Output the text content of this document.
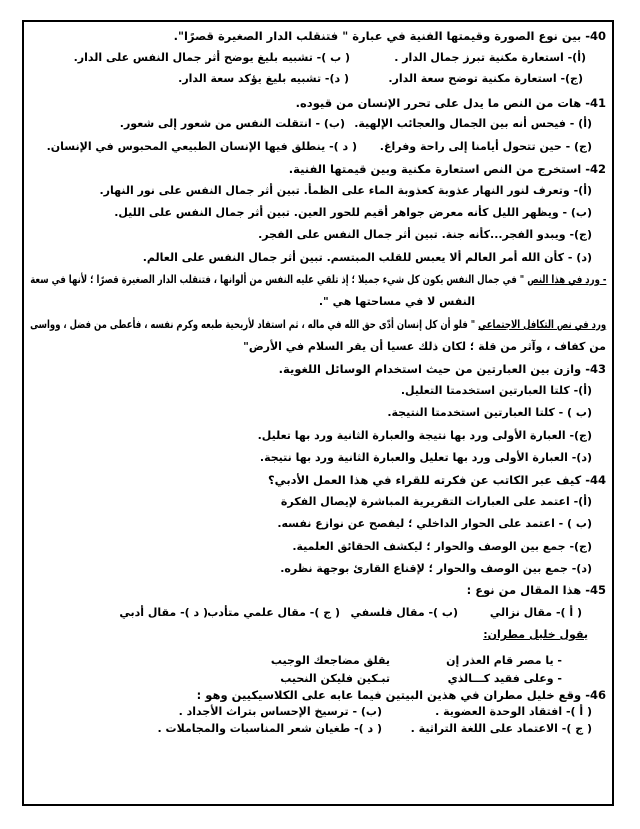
40- بين نوع الصورة وقيمتها الفنية في عبارة " فتنقلب الدار الصغيرة قصرًا".
(أ)- استعارة مكنية تبرز جمال الدار .
( ب )- تشبيه بليغ يوضح أثر جمال النفس على الدار.
(ج)- استعارة مكنية توضح سعة الدار.
( د)- تشبيه بليغ يؤكد سعة الدار.
41- هات من النص ما يدل على تحرر الإنسان من قيوده.
(أ) - فيحس أنه بين الجمال والعجائب الإلهية.
(ب) - انتقلت النفس من شعور إلى شعور.
(ج) - حين تتحول أيامنا إلى راحة وفراغ.
( د )- ينطلق فيها الإنسان الطبيعي المحبوس في الإنسان.
42- استخرج من النص استعارة مكنية وبين قيمتها الفنية.
(أ)- وتعرف لنور النهار عذوبة كعذوبة الماء على الظمأ. تبين أثر جمال النفس على نور النهار.
(ب) - ويظهر الليل كأنه معرض جواهر أقيم للحور العين. تبين أثر جمال النفس على الليل.
(ج)- ويبدو الفجر...كأنه جنة. تبين أثر جمال النفس على الفجر.
(د) - كأن الله أمر العالم ألا يعبس للقلب المبتسم. تبين أثر جمال النفس على العالم.
- ورد في هذا النص " في جمال النفس يكون كل شيء جميلا ؛ إذ تلقي عليه النفس من ألوانها ، فتنقلب الدار الصغيرة قصرًا ؛ لأنها في سعة
النفس لا في مساحتها هي ".
ورد في نص التكافل الاجتماعي " فلو أن كل إنسان أدّى حق الله في ماله ، ثم استفاد لأريحية طبعه وكرم نفسه ، فأعطى من فضل ، وواسى
من كفاف ، وآثر من قلة ؛ لكان ذلك عسيا أن يقر السلام في الأرض"
43- وازن بين العبارتين من حيث استخدام الوسائل اللغوية.
(أ)- كلتا العبارتين استخدمتا التعليل.
(ب ) - كلتا العبارتين استخدمتا النتيجة.
(ج)- العبارة الأولى ورد بها نتيجة والعبارة الثانية ورد بها تعليل.
(د)- العبارة الأولى ورد بها تعليل والعبارة الثانية ورد بها نتيجة.
44- كيف عبر الكاتب عن فكرته للقراء في هذا العمل الأدبي؟
(أ)- اعتمد على العبارات التقريرية المباشرة لإيصال الفكرة
(ب ) - اعتمد على الحوار الداخلي ؛ ليفصح عن نوازع نفسه.
(ج)- جمع بين الوصف والحوار ؛ ليكشف الحقائق العلمية.
(د)- جمع بين الوصف والحوار ؛ لإقناع القارئ بوجهة نظره.
45- هذا المقال من نوع :
( أ )- مقال نزالي
(ب )- مقال فلسفي
( ج )- مقال علمي متأدب
( د )- مقال أدبي
يقول خليل مطران:
- يا مصر قام العذر إن
يقلق مضاجعك الوجيب
- وعلى فقيد كـــالذي
تبـكين فليكن النحيب
46- وقع خليل مطران في هذين البيتين فيما عابه على الكلاسيكيين وهو :
( أ )- افتقاد الوحدة العضوية .
(ب) - ترسيخ الإحساس بتراث الأجداد .
( ج )- الاعتماد على اللغة التراثية .
( د )- طغيان شعر المناسبات والمجاملات .
